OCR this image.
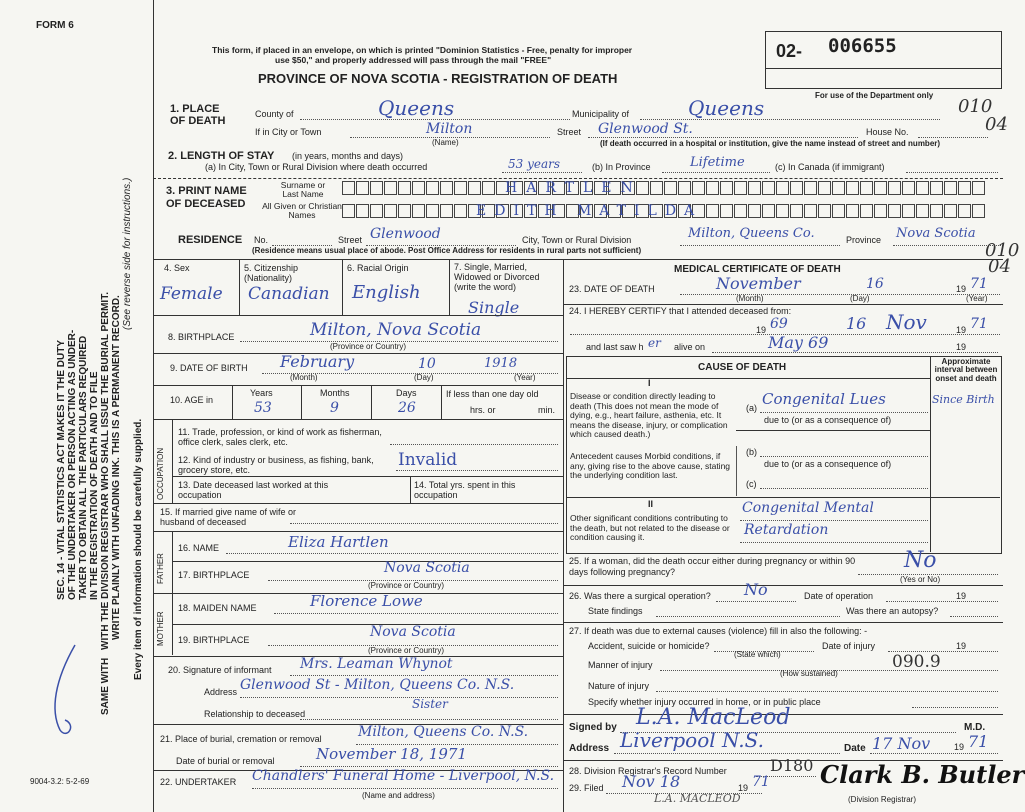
FORM 6
SEC. 14 - VITAL STATISTICS ACT MAKES IT THE DUTY OF THE UNDERTAKER OR PERSON ACTING AS UNDER- TAKER TO OBTAIN ALL THE PARTICULARS REQUIRED IN THE REGISTRATION OF DEATH AND TO FILE WITH THE DIVISION REGISTRAR WHO SHALL ISSUE THE BURIAL PERMIT. WRITE PLAINLY WITH UNFADING INK. THIS IS A PERMANENT RECORD.
(See reverse side for instructions.)
Every item of information should be carefully supplied.
SAME WITH
9004-3.2: 5-2-69
This form, if placed in an envelope, on which is printed "Dominion Statistics - Free, penalty for improper
use $50," and properly addressed will pass through the mail "FREE"
PROVINCE OF NOVA SCOTIA - REGISTRATION OF DEATH
02- 006655
For use of the Department only
1. PLACE OF DEATH
County of	Queens	Municipality of	Queens	010
If in City or Town	Milton
(Name)
Street Glenwood St.	House No.	04
(If death occurred in a hospital or institution, give the name instead of street and number)
2. LENGTH OF STAY (in years, months and days)
(a) In City, Town or Rural Division where death occurred	53 years	(b) In Province	Lifetime	(c) In Canada (if immigrant)
3. PRINT NAME OF DECEASED
Surname or Last Name
All Given or Christian Names
HARTLEN
EDITH MATILDA
RESIDENCE No.	Street Glenwood	City, Town or Rural Division	Milton, Queens Co.	Province Nova Scotia
(Residence means usual place of abode. Post Office Address for residents in rural parts not sufficient)	010
04
4. Sex
Female
5. Citizenship (Nationality)
Canadian
6. Racial Origin
English
7. Single, Married, Widowed or Divorced (write the word)
Single
8. BIRTHPLACE	Milton, Nova Scotia
(Province or Country)
9. DATE OF BIRTH February	10	1918
(Month)	(Day)	(Year)
10. AGE in
Years
53
Months
9
Days
26
If less than one day old
hrs. or	min.
OCCUPATION
11. Trade, profession, or kind of work as fisherman, office clerk, sales clerk, etc.
12. Kind of industry or business, as fishing, bank, grocery store, etc.	Invalid
13. Date deceased last worked at this occupation
14. Total yrs. spent in this occupation
15. If married give name of wife or husband of deceased
FATHER
MOTHER
16. NAME	Eliza Hartlen
17. BIRTHPLACE	Nova Scotia
(Province or Country)
18. MAIDEN NAME	Florence Lowe
19. BIRTHPLACE	Nova Scotia
(Province or Country)
20. Signature of informant Mrs. Leaman Whynot
Address Glenwood St - Milton, Queens Co. N.S.
Sister
Relationship to deceased
21. Place of burial, cremation or removal	Milton, Queens Co. N.S.
Date of burial or removal	November 18, 1971
22. UNDERTAKER Chandlers' Funeral Home - Liverpool, N.S.
(Name and address)
MEDICAL CERTIFICATE OF DEATH
23. DATE OF DEATH	November	16	19 71
(Month)	(Day)	(Year)
24. I HEREBY CERTIFY that I attended deceased from:
19 69	16 Nov	19 71
and last saw h er alive on	May 69	19
CAUSE OF DEATH
Approximate interval between onset and death
I
Disease or condition directly leading to death (This does not mean the mode of dying, e.g., heart failure, asthenia, etc. It means the disease, injury, or complication which caused death.)
(a) Congenital Lues	Since Birth
due to (or as a consequence of)
Antecedent causes Morbid conditions, if any, giving rise to the above cause, stating the underlying condition last.
(b)
due to (or as a consequence of)
(c)
II
Other significant conditions contributing to the death, but not related to the disease or condition causing it.
Congenital Mental
Retardation
25. If a woman, did the death occur either during pregnancy or within 90 days following pregnancy?	No
(Yes or No)
26. Was there a surgical operation? No	Date of operation	19
State findings	Was there an autopsy?
27. If death was due to external causes (violence) fill in also the following: -
Accident, suicide or homicide?
(State which)
Date of injury	19
Manner of injury	090.9
(How sustained)
Nature of injury
Specify whether injury occurred in home, or in public place
Signed by L.A. MacLeod	M.D.
Address Liverpool N.S.	Date 17 Nov	19 71
28. Division Registrar's Record Number	D180
29. Filed Nov 18	19 71
L.A. MACLEOD
Clark B. Butler
(Division Registrar)
